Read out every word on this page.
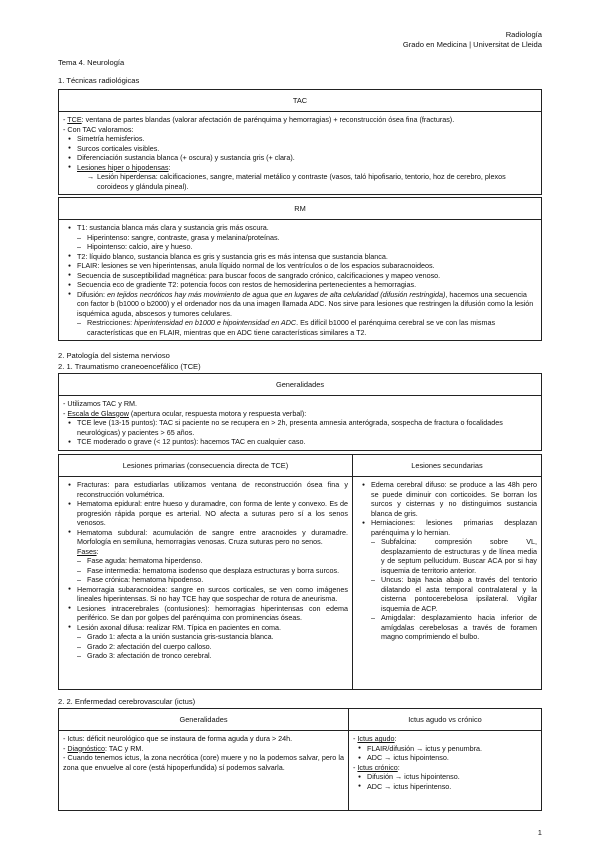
Radiología
Grado en Medicina | Universitat de Lleida
Tema 4. Neurología
1. Técnicas radiológicas
TAC
- TCE: ventana de partes blandas (valorar afectación de parénquima y hemorragias) + reconstrucción ósea fina (fracturas).
- Con TAC valoramos:
● Simetría hemisferios.
● Surcos corticales visibles.
● Diferenciación sustancia blanca (+ oscura) y sustancia gris (+ clara).
● Lesiones hiper o hipodensas:
→ Lesión hiperdensa: calcificaciones, sangre, material metálico y contraste (vasos, taló hipofisario, tentorio, hoz de cerebro, plexos coroideos y glándula pineal).
RM
● T1: sustancia blanca más clara y sustancia gris más oscura.
– Hiperintenso: sangre, contraste, grasa y melanina/proteínas.
– Hipointenso: calcio, aire y hueso.
● T2: líquido blanco, sustancia blanca es gris y sustancia gris es más intensa que sustancia blanca.
● FLAIR: lesiones se ven hiperintensas, anula líquido normal de los ventrículos o de los espacios subaracnoideos.
● Secuencia de susceptibilidad magnética: para buscar focos de sangrado crónico, calcificaciones y mapeo venoso.
● Secuencia eco de gradiente T2: potencia focos con restos de hemosiderina pertenecientes a hemorragias.
● Difusión: en tejidos necróticos hay más movimiento de agua que en lugares de alta celularidad (difusión restringida), hacemos una secuencia con factor b (b1000 o b2000) y el ordenador nos da una imagen llamada ADC. Nos sirve para lesiones que restringen la difusión como la lesión isquémica aguda, abscesos y tumores celulares.
– Restricciones: hiperintensidad en b1000 e hipointensidad en ADC. Es difícil b1000 el parénquima cerebral se ve con las mismas características que en FLAIR, mientras que en ADC tiene características similares a T2.
2. Patología del sistema nervioso
2. 1. Traumatismo craneoencefálico (TCE)
Generalidades
- Utilizamos TAC y RM.
- Escala de Glasgow (apertura ocular, respuesta motora y respuesta verbal):
● TCE leve (13-15 puntos): TAC si paciente no se recupera en > 2h, presenta amnesia anterógrada, sospecha de fractura o focalidades neurológicas) y pacientes > 65 años.
● TCE moderado o grave (< 12 puntos): hacemos TAC en cualquier caso.
Lesiones primarias (consecuencia directa de TCE)
● Fracturas: para estudiarlas utilizamos ventana de reconstrucción ósea fina y reconstrucción volumétrica.
● Hematoma epidural: entre hueso y duramadre, con forma de lente y convexo. Es de progresión rápida porque es arterial. NO afecta a suturas pero sí a los senos venosos.
● Hematoma subdural: acumulación de sangre entre aracnoides y duramadre. Morfología en semiluna, hemorragias venosas. Cruza suturas pero no senos.
Fases:
– Fase aguda: hematoma hiperdenso.
– Fase intermedia: hematoma isodenso que desplaza estructuras y borra surcos.
– Fase crónica: hematoma hipodenso.
● Hemorragia subaracnoidea: sangre en surcos corticales, se ven como imágenes lineales hiperintensas. Si no hay TCE hay que sospechar de rotura de aneurisma.
● Lesiones intracerebrales (contusiones): hemorragias hiperintensas con edema periférico. Se dan por golpes del parénquima con prominencias óseas.
● Lesión axonal difusa: realizar RM. Típica en pacientes en coma.
– Grado 1: afecta a la unión sustancia gris-sustancia blanca.
– Grado 2: afectación del cuerpo calloso.
– Grado 3: afectación de tronco cerebral.
Lesiones secundarias
● Edema cerebral difuso: se produce a las 48h pero se puede diminuir con corticoides. Se borran los surcos y cisternas y no distinguimos sustancia blanca de gris.
● Herniaciones: lesiones primarias desplazan parénquima y lo hernian.
– Subfalcina: compresión sobre VL, desplazamiento de estructuras y de línea media y de septum pellucidum. Buscar ACA por si hay isquemia de territorio anterior.
– Uncus: baja hacia abajo a través del tentorio dilatando el asta temporal contralateral y la cisterna pontocerebelosa ipsilateral. Vigilar isquemia de ACP.
– Amigdalar: desplazamiento hacia inferior de amígdalas cerebelosas a través de foramen magno comprimiendo el bulbo.
2. 2. Enfermedad cerebrovascular (ictus)
Generalidades
- Ictus: déficit neurológico que se instaura de forma aguda y dura > 24h.
- Diagnóstico: TAC y RM.
- Cuando tenemos ictus, la zona necrótica (core) muere y no la podemos salvar, pero la zona que envuelve al core (está hipoperfundida) sí podemos salvarla.
Ictus agudo vs crónico
- Ictus agudo:
● FLAIR/difusión → ictus y penumbra.
● ADC → ictus hipointenso.
- Ictus crónico:
● Difusión → ictus hipointenso.
● ADC → ictus hiperintenso.
1
